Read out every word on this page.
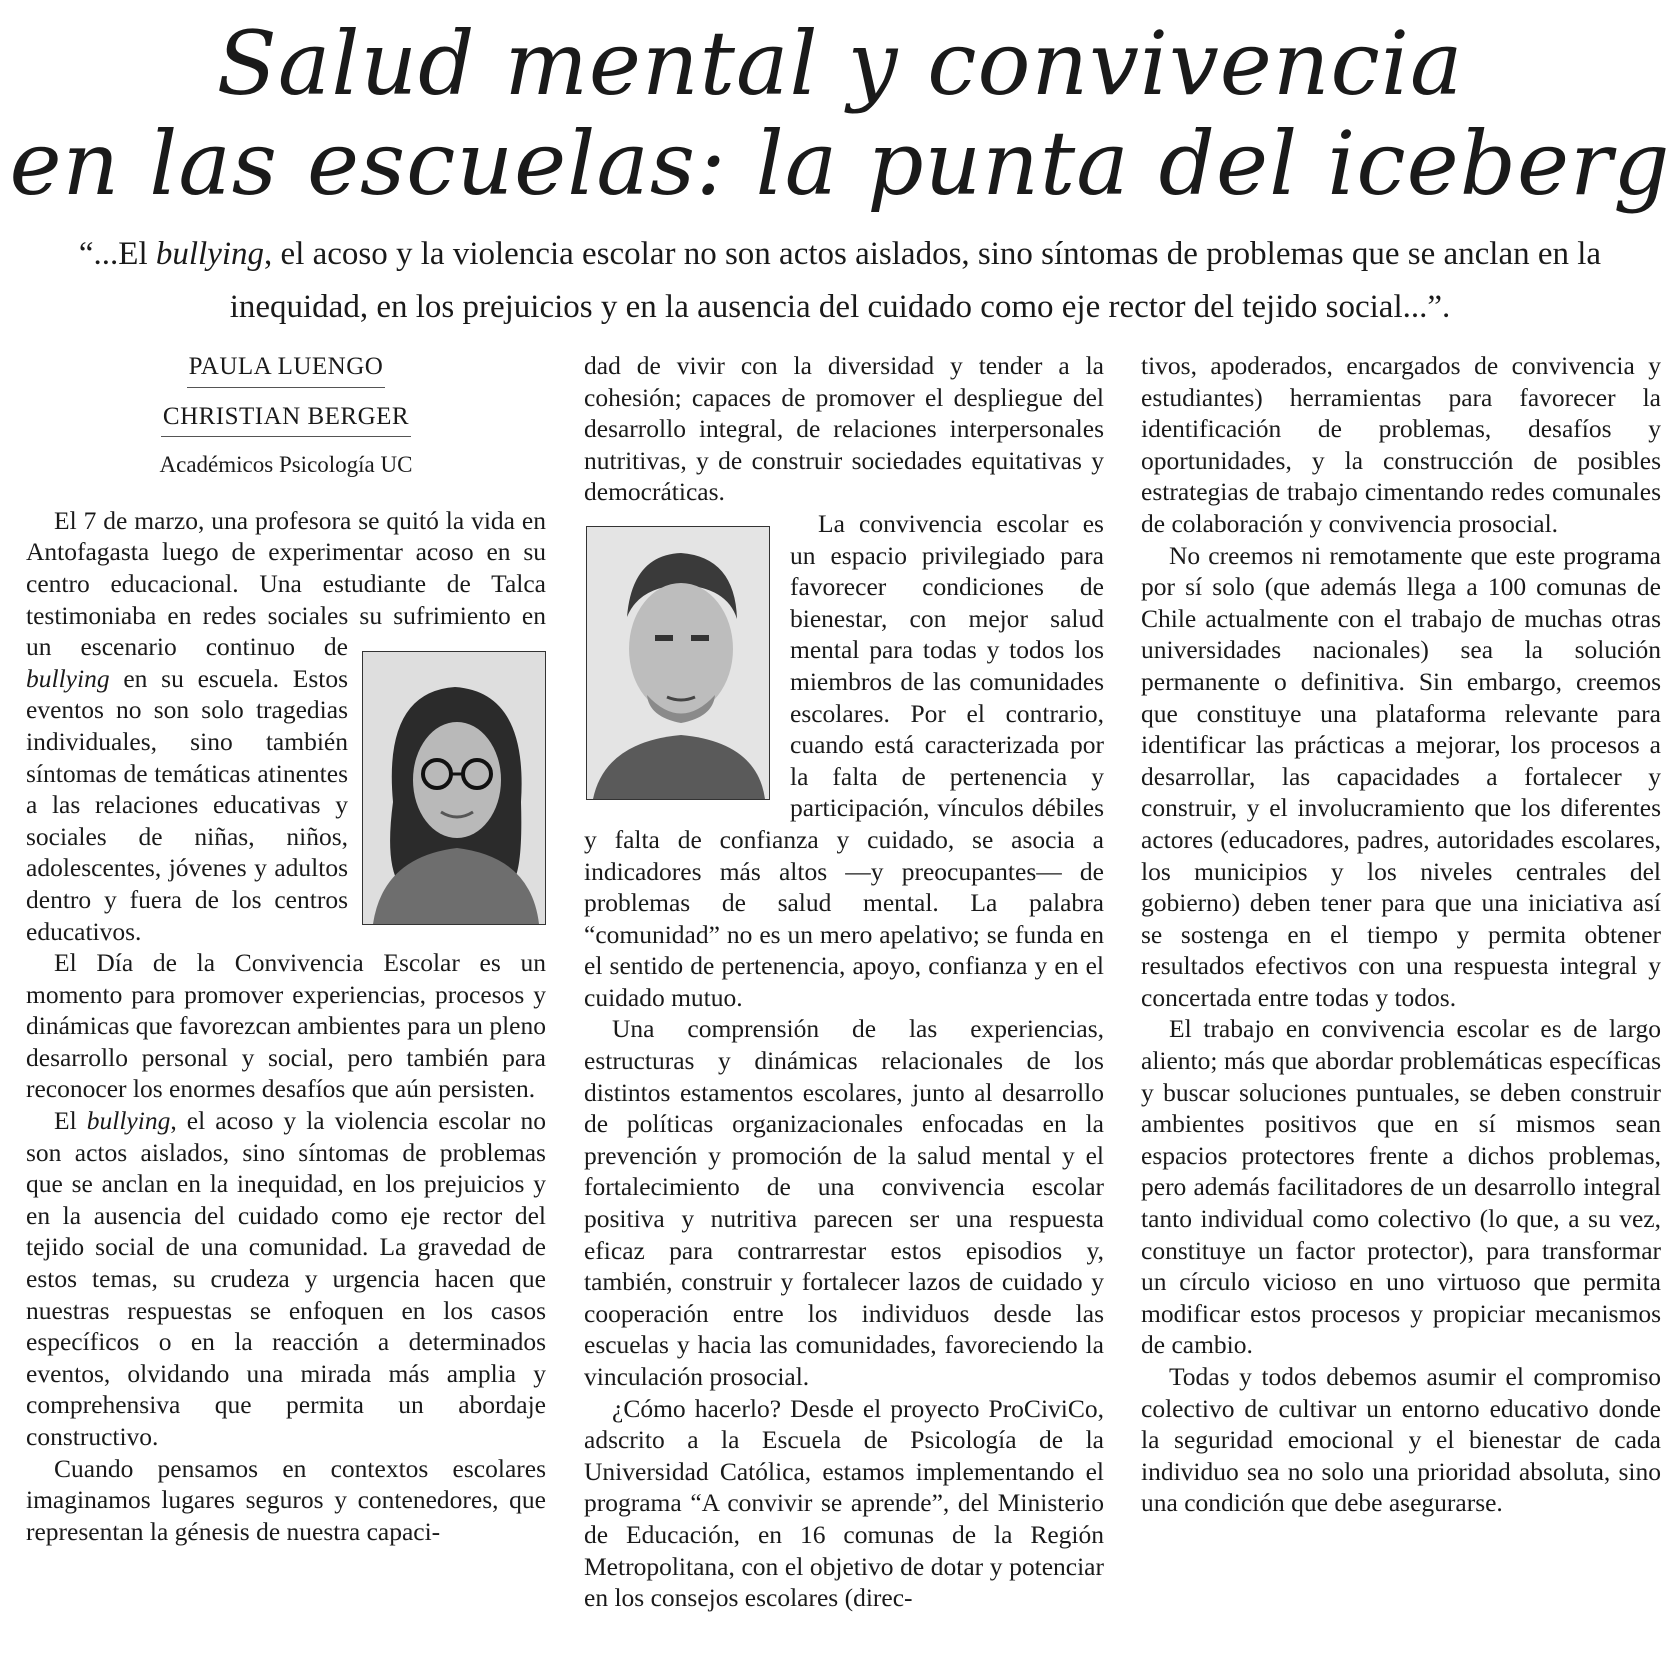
Salud mental y convivencia
en las escuelas: la punta del iceberg
“...El bullying, el acoso y la violencia escolar no son actos aislados, sino síntomas de problemas que se anclan en la inequidad, en los prejuicios y en la ausencia del cuidado como eje rector del tejido social...”.
PAULA LUENGO
CHRISTIAN BERGER

Académicos Psicología UC

El 7 de marzo, una profesora se quitó la vida en Antofagasta luego de experimentar acoso en su centro educacional. Una estudiante de Talca testimoniaba en redes sociales su sufrimiento en un escenario continuo de
bullying en su escuela. Estos eventos no son solo tragedias individuales, sino también síntomas de temáticas atinentes a las relaciones educativas y sociales de niñas, niños, adolescentes, jóvenes y adultos dentro y fuera de los centros educativos.

El Día de la Convivencia Escolar es un momento para promover experiencias, procesos y dinámicas que favorezcan ambientes para un pleno desarrollo personal y social, pero también para reconocer los enormes desafíos que aún persisten.

El bullying, el acoso y la violencia escolar no son actos aislados, sino síntomas de problemas que se anclan en la inequidad, en los prejuicios y en la ausencia del cuidado como eje rector del tejido social de una comunidad. La gravedad de estos temas, su crudeza y urgencia hacen que nuestras respuestas se enfoquen en los casos específicos o en la reacción a determinados eventos, olvidando una mirada más amplia y comprehensiva que permita un abordaje constructivo.

Cuando pensamos en contextos escolares imaginamos lugares seguros y contenedores, que representan la génesis de nuestra capaci-

dad de vivir con la diversidad y tender a la cohesión; capaces de promover el despliegue del desarrollo integral, de relaciones interpersonales nutritivas, y de construir sociedades equitativas y democráticas.

La convivencia escolar es un espacio privilegiado para favorecer condiciones de bienestar, con mejor salud mental para todas y todos los miembros de las comunidades escolares. Por el contrario, cuando está caracterizada por la falta de pertenencia y participación, vínculos débiles y falta de confianza y cuidado, se asocia a indicadores más altos —y preocupantes— de problemas de salud mental. La palabra “comunidad” no es un mero apelativo; se funda en el sentido de pertenencia, apoyo, confianza y en el cuidado mutuo.

Una comprensión de las experiencias, estructuras y dinámicas relacionales de los distintos estamentos escolares, junto al desarrollo de políticas organizacionales enfocadas en la prevención y promoción de la salud mental y el fortalecimiento de una convivencia escolar positiva y nutritiva parecen ser una respuesta eficaz para contrarrestar estos episodios y, también, construir y fortalecer lazos de cuidado y cooperación entre los individuos desde las escuelas y hacia las comunidades, favoreciendo la vinculación prosocial.

¿Cómo hacerlo? Desde el proyecto ProCiviCo, adscrito a la Escuela de Psicología de la Universidad Católica, estamos implementando el programa “A convivir se aprende”, del Ministerio de Educación, en 16 comunas de la Región Metropolitana, con el objetivo de dotar y potenciar en los consejos escolares (direc-

tivos, apoderados, encargados de convivencia y estudiantes) herramientas para favorecer la identificación de problemas, desafíos y oportunidades, y la construcción de posibles estrategias de trabajo cimentando redes comunales de colaboración y convivencia prosocial.

No creemos ni remotamente que este programa por sí solo (que además llega a 100 comunas de Chile actualmente con el trabajo de muchas otras universidades nacionales) sea la solución permanente o definitiva. Sin embargo, creemos que constituye una plataforma relevante para identificar las prácticas a mejorar, los procesos a desarrollar, las capacidades a fortalecer y construir, y el involucramiento que los diferentes actores (educadores, padres, autoridades escolares, los municipios y los niveles centrales del gobierno) deben tener para que una iniciativa así se sostenga en el tiempo y permita obtener resultados efectivos con una respuesta integral y concertada entre todas y todos.

El trabajo en convivencia escolar es de largo aliento; más que abordar problemáticas específicas y buscar soluciones puntuales, se deben construir ambientes positivos que en sí mismos sean espacios protectores frente a dichos problemas, pero además facilitadores de un desarrollo integral tanto individual como colectivo (lo que, a su vez, constituye un factor protector), para transformar un círculo vicioso en uno virtuoso que permita modificar estos procesos y propiciar mecanismos de cambio.

Todas y todos debemos asumir el compromiso colectivo de cultivar un entorno educativo donde la seguridad emocional y el bienestar de cada individuo sea no solo una prioridad absoluta, sino una condición que debe asegurarse.
